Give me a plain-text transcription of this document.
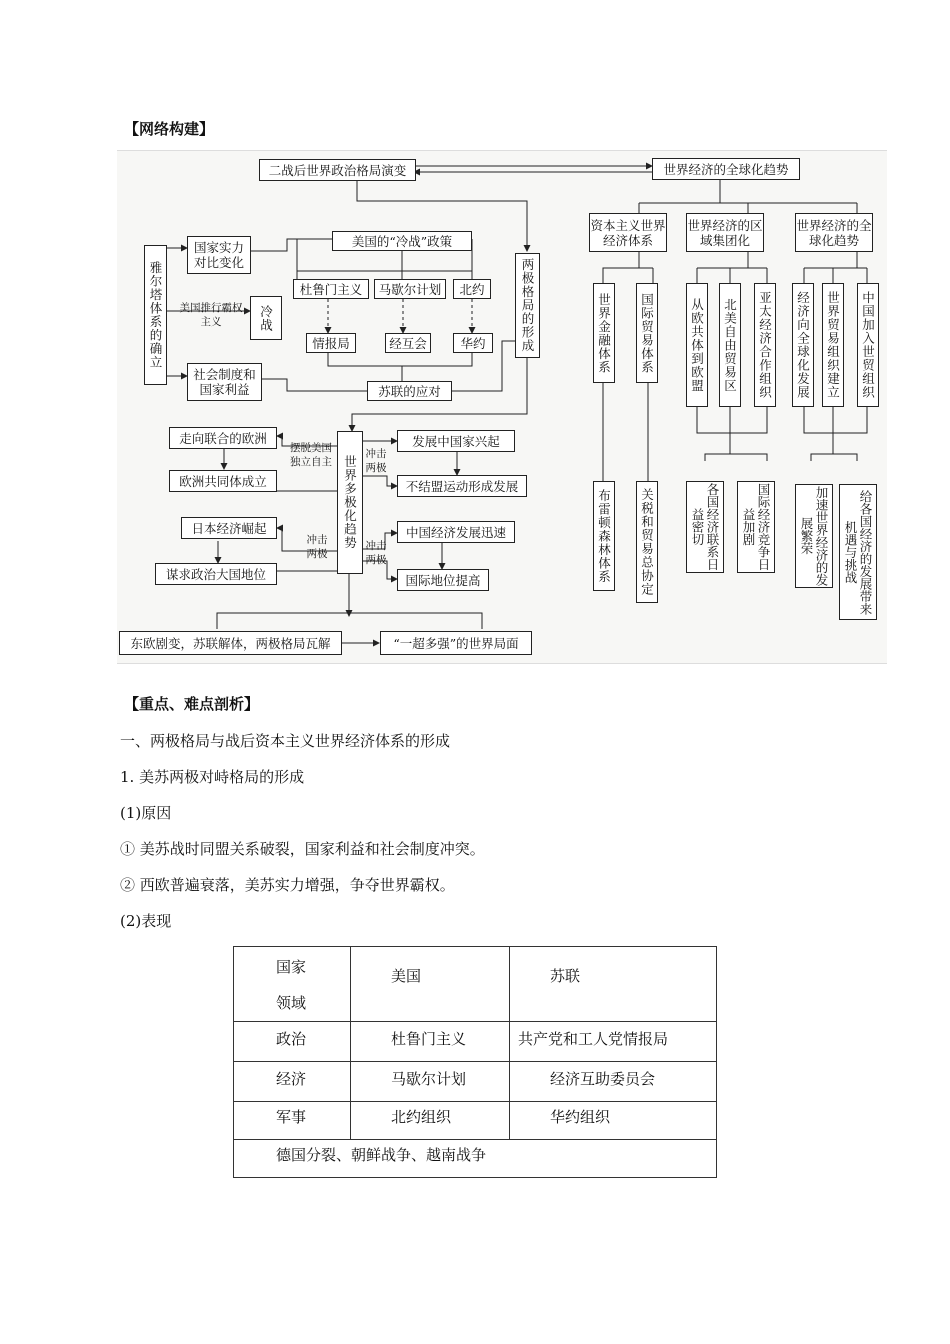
【网络构建】
二战后世界政治格局演变
雅尔塔体系的确立
国家实力对比变化
美国推行霸权主义	冷战
社会制度和国家利益
美国的“冷战”政策
杜鲁门主义	马歇尔计划	北约
情报局	经互会	华约
苏联的应对
两极格局的形成
世界多极化趋势
走向联合的欧洲
欧洲共同体成立
摆脱美国独立自主
冲击两极
发展中国家兴起
不结盟运动形成发展
日本经济崛起
谋求政治大国地位
冲击两极
冲击两极
中国经济发展迅速
国际地位提高
东欧剧变，苏联解体，两极格局瓦解	“一超多强”的世界局面
世界经济的全球化趋势
资本主义世界经济体系
世界经济的区域集团化
世界经济的全球化趋势
世界金融体系 国际贸易体系
布雷顿森林体系 关税和贸易总协定
从欧共体到欧盟 北美自由贸易区 亚太经济合作组织
各国经济联系日益密切	国际经济竞争日益加剧
经济向全球化发展 世界贸易组织建立 中国加入世贸组织
加速世界经济的发展繁荣	给各国经济的发展带来机遇与挑战
【重点、难点剖析】
一、两极格局与战后资本主义世界经济体系的形成
1. 美苏两极对峙格局的形成
(1)原因
① 美苏战时同盟关系破裂，国家利益和社会制度冲突。
② 西欧普遍衰落，美苏实力增强，争夺世界霸权。
(2)表现
国家
领域	美国	苏联

政治	杜鲁门主义	共产党和工人党情报局

经济	马歇尔计划	经济互助委员会

军事	北约组织	华约组织

德国分裂、朝鲜战争、越南战争		
